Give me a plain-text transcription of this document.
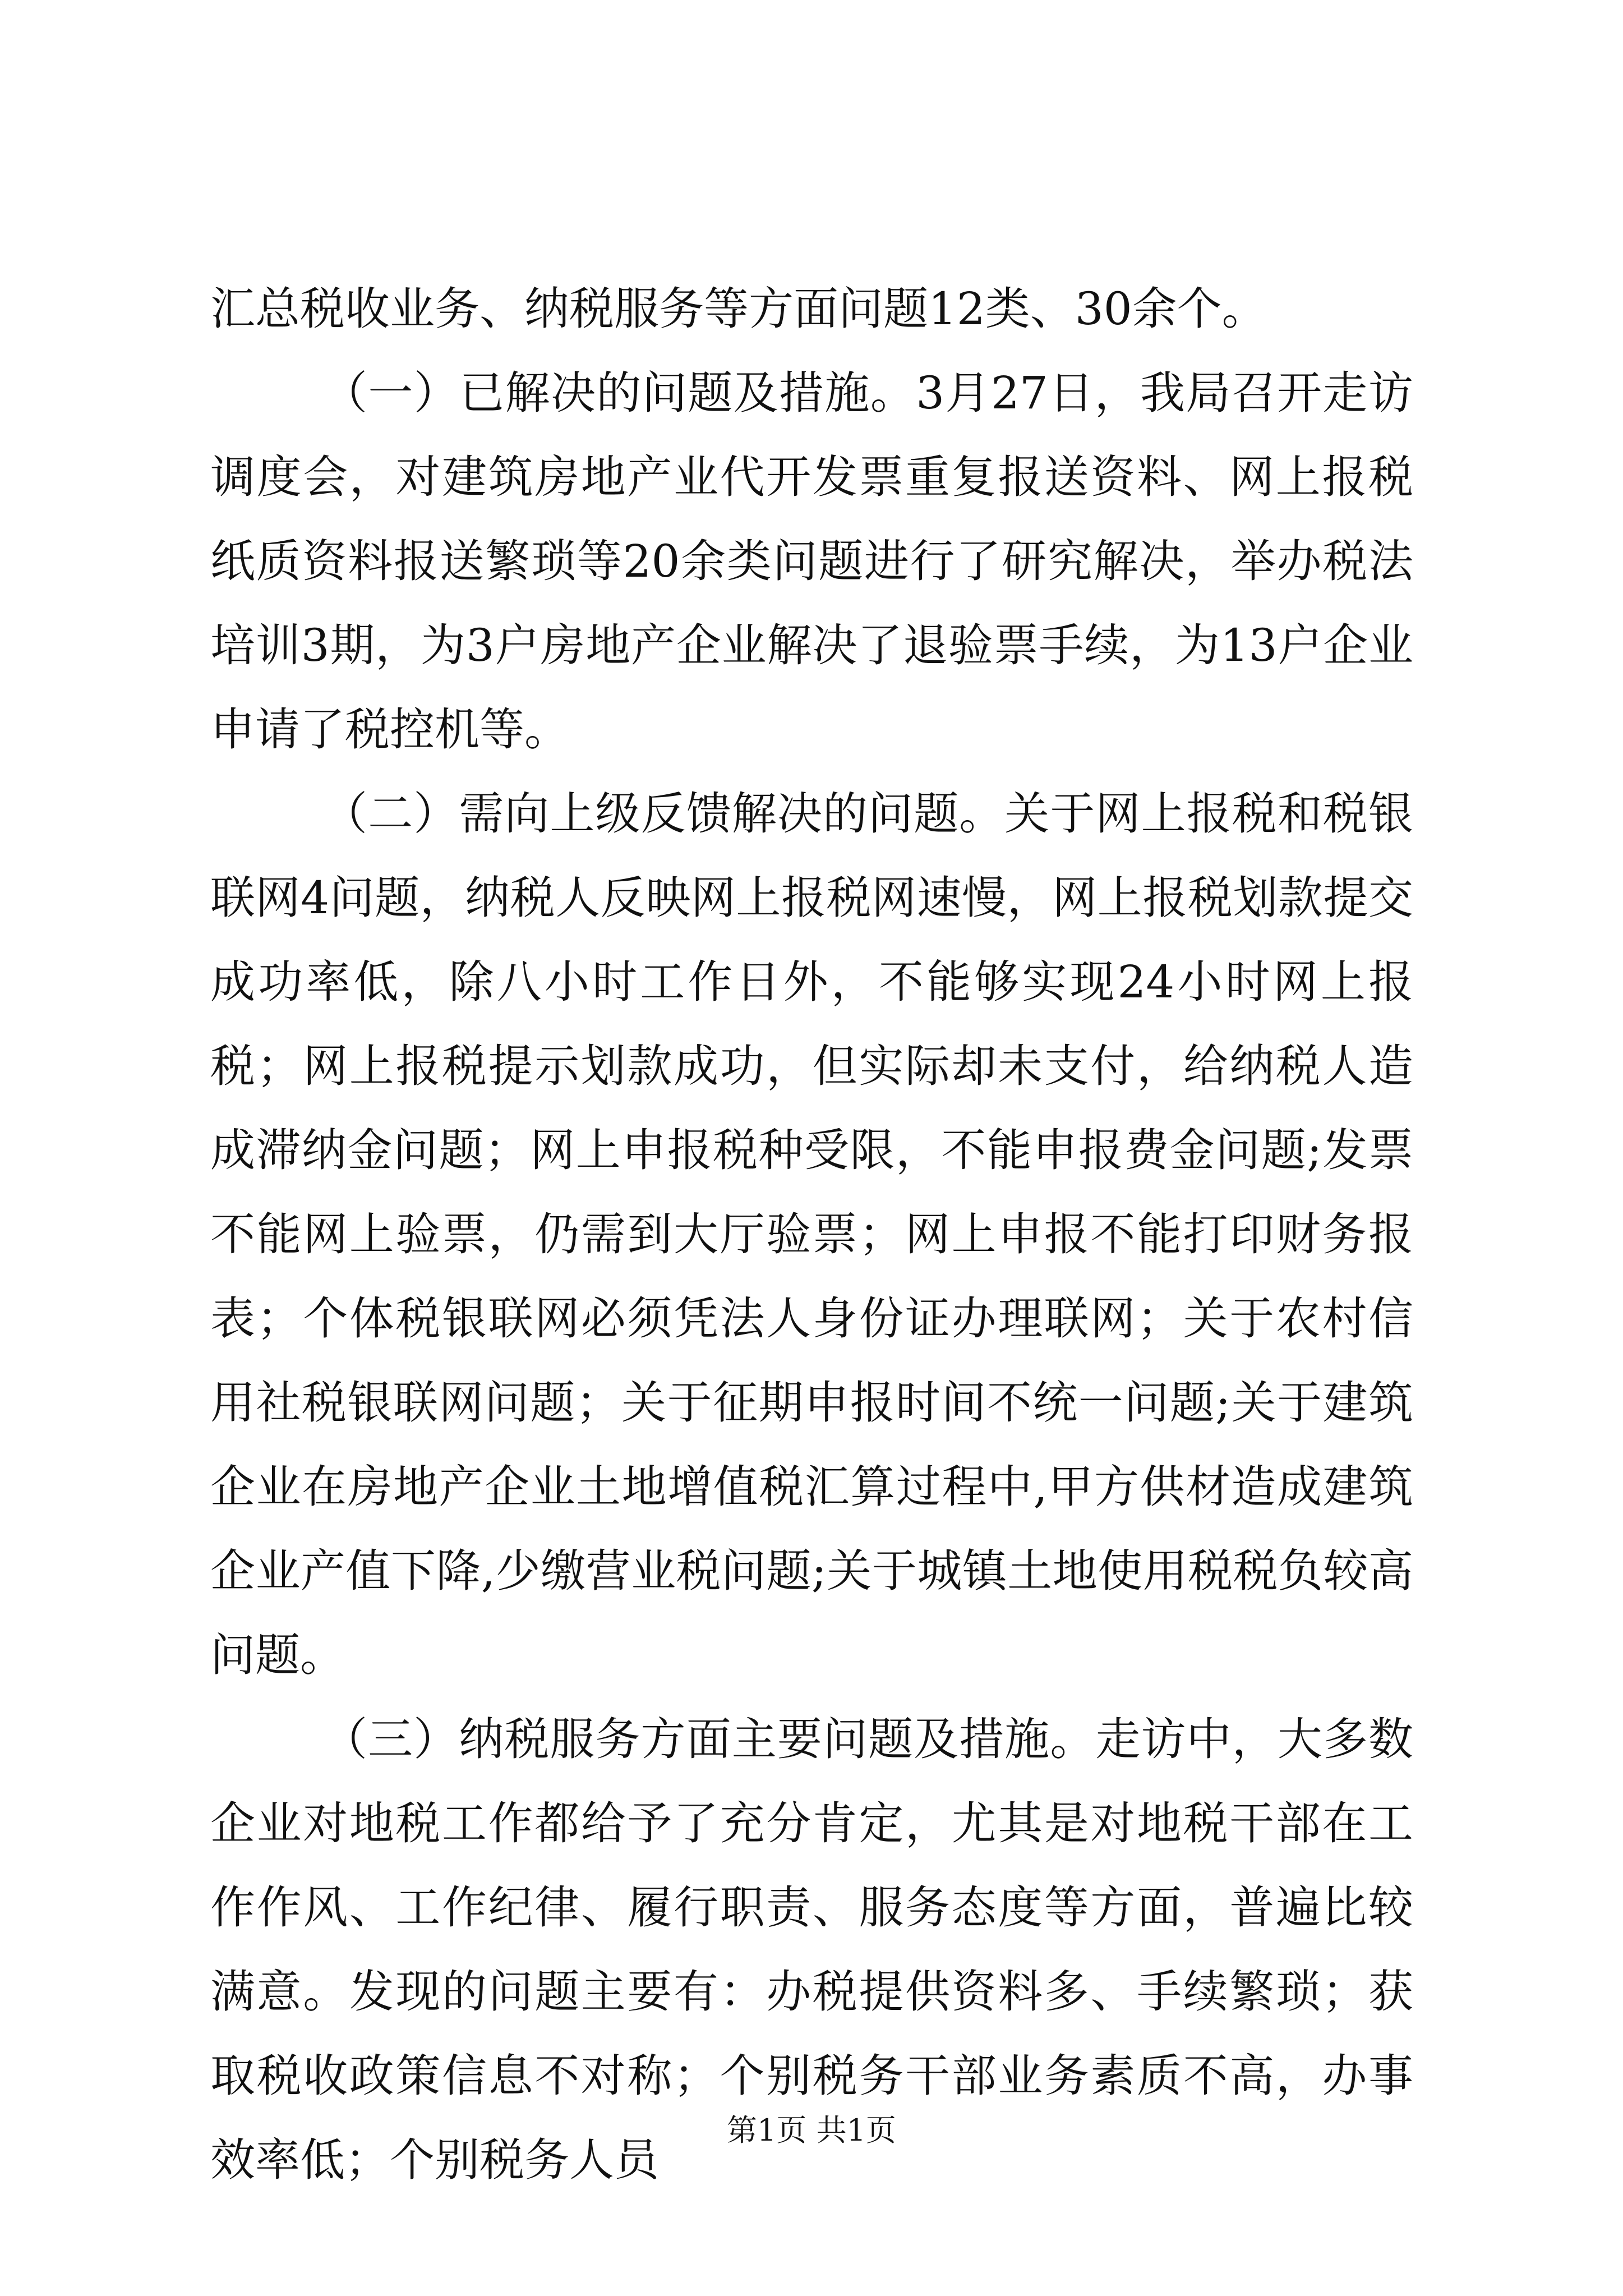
汇总税收业务、纳税服务等方面问题12类、30余个。

（一）已解决的问题及措施。3月27日，我局召开走访调度会，对建筑房地产业代开发票重复报送资料、网上报税纸质资料报送繁琐等20余类问题进行了研究解决，举办税法培训3期，为3户房地产企业解决了退验票手续，为13户企业申请了税控机等。

（二）需向上级反馈解决的问题。关于网上报税和税银联网4问题，纳税人反映网上报税网速慢，网上报税划款提交成功率低，除八小时工作日外，不能够实现24小时网上报税；网上报税提示划款成功，但实际却未支付，给纳税人造成滞纳金问题；网上申报税种受限，不能申报费金问题;发票不能网上验票，仍需到大厅验票；网上申报不能打印财务报表；个体税银联网必须凭法人身份证办理联网；关于农村信用社税银联网问题；关于征期申报时间不统一问题;关于建筑企业在房地产企业土地增值税汇算过程中,甲方供材造成建筑企业产值下降,少缴营业税问题;关于城镇土地使用税税负较高问题。

（三）纳税服务方面主要问题及措施。走访中，大多数企业对地税工作都给予了充分肯定，尤其是对地税干部在工作作风、工作纪律、履行职责、服务态度等方面，普遍比较满意。发现的问题主要有：办税提供资料多、手续繁琐；获取税收政策信息不对称；个别税务干部业务素质不高，办事效率低；个别税务人员

第1页 共1页
